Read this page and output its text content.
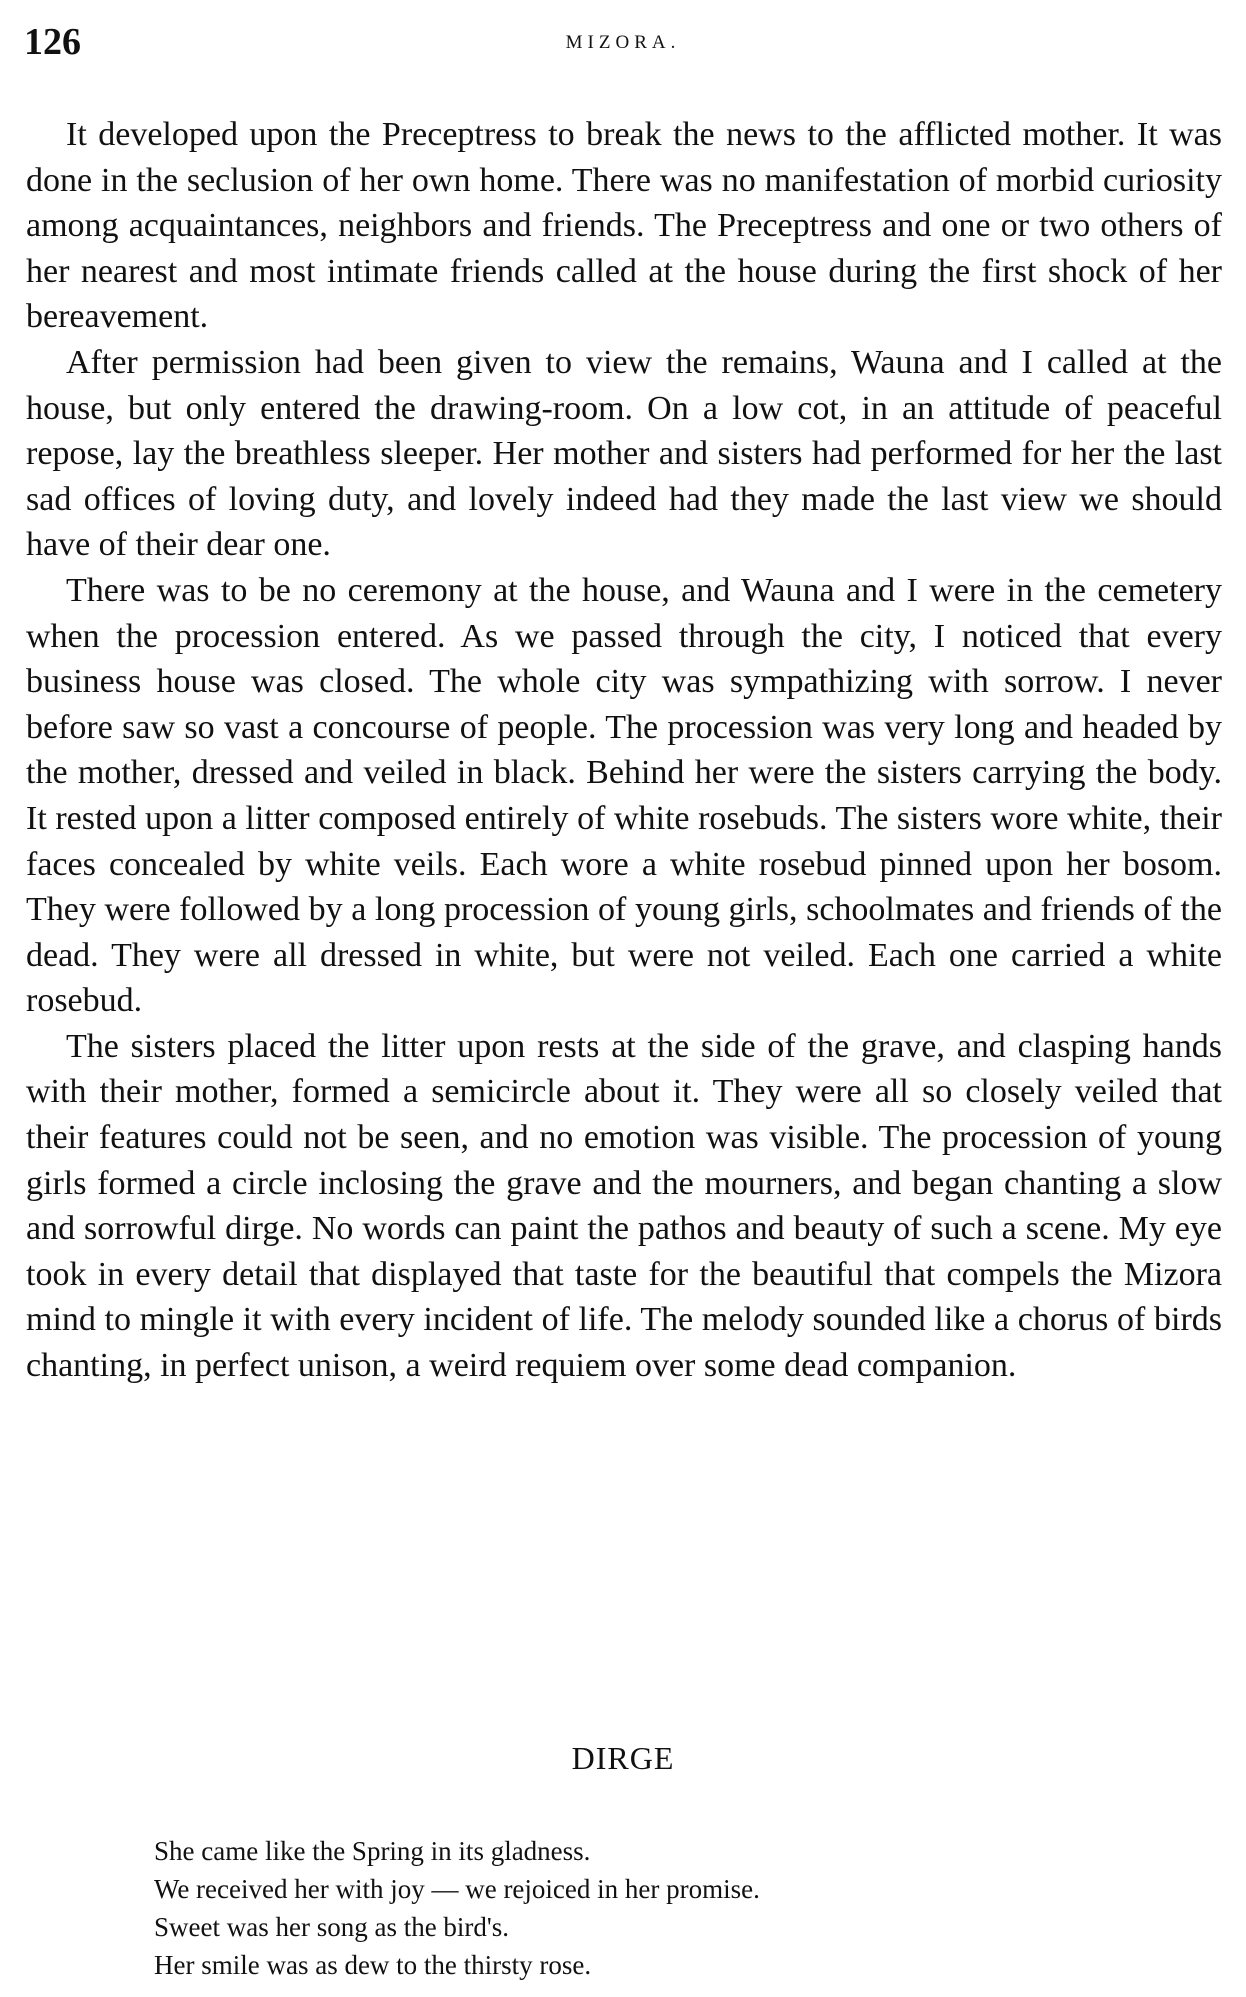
126	MIZORA.

It developed upon the Preceptress to break the news to the afflicted mother. It was done in the seclusion of her own home. There was no manifestation of morbid curiosity among acquaintances, neighbors and friends. The Preceptress and one or two others of her nearest and most intimate friends called at the house during the first shock of her bereavement.

After permission had been given to view the remains, Wauna and I called at the house, but only entered the drawing-room. On a low cot, in an attitude of peaceful repose, lay the breathless sleeper. Her mother and sisters had performed for her the last sad offices of loving duty, and lovely indeed had they made the last view we should have of their dear one.

There was to be no ceremony at the house, and Wauna and I were in the cemetery when the procession entered. As we passed through the city, I noticed that every business house was closed. The whole city was sympathizing with sorrow. I never before saw so vast a concourse of people. The procession was very long and headed by the mother, dressed and veiled in black. Behind her were the sisters carrying the body. It rested upon a litter composed entirely of white rosebuds. The sisters wore white, their faces concealed by white veils. Each wore a white rosebud pinned upon her bosom. They were followed by a long procession of young girls, schoolmates and friends of the dead. They were all dressed in white, but were not veiled. Each one carried a white rosebud.

The sisters placed the litter upon rests at the side of the grave, and clasping hands with their mother, formed a semicircle about it. They were all so closely veiled that their features could not be seen, and no emotion was visible. The procession of young girls formed a circle inclosing the grave and the mourners, and began chanting a slow and sorrowful dirge. No words can paint the pathos and beauty of such a scene. My eye took in every detail that displayed that taste for the beautiful that compels the Mizora mind to mingle it with every incident of life. The melody sounded like a chorus of birds chanting, in perfect unison, a weird requiem over some dead companion.

DIRGE
She came like the Spring in its gladness.
We received her with joy — we rejoiced in her promise.
Sweet was her song as the bird's.
Her smile was as dew to the thirsty rose.
